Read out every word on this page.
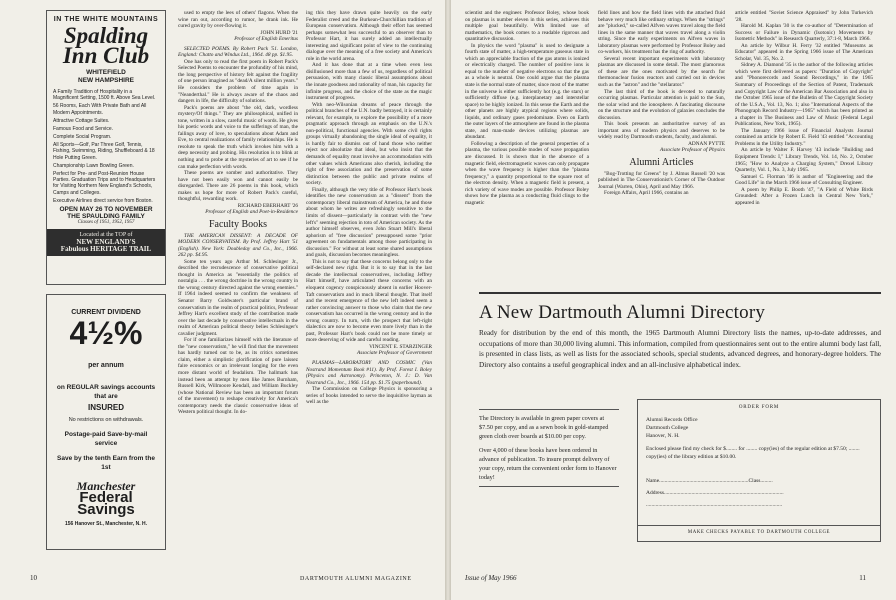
IN THE WHITE MOUNTAINS
Spalding Inn Club
WHITEFIELD
NEW HAMPSHIRE
A Family Tradition of Hospitality in a Magnificent Setting, 1500 ft. Above Sea Level.
56 Rooms, Each With Private Bath and All Modern Appointments.
Attractive Cottage Suites.
Famous Food and Service.
Complete Social Program.
All Sports—Golf, Par Three Golf, Tennis, Fishing, Swimming, Riding, Shuffleboard & 18 Hole Putting Green.
Championship Lawn Bowling Green.
Perfect for Pre- and Post-Reunion House Parties. Graduation Trips and to Headquarters for Visiting Northern New England's Schools, Camps and Colleges.
Executive Airlines direct service from Boston.
OPEN MAY 26 TO NOVEMBER
THE SPAULDING FAMILY
Classes of 1951, 1952, 1957
Located at the TOP of
NEW ENGLAND'S
Fabulous HERITAGE TRAIL
CURRENT DIVIDEND
4½% per annum
on REGULAR savings accounts that are
INSURED
No restrictions on withdrawals.
Postage-paid Save-by-mail service
Save by the tenth Earn from the 1st
Manchester
Federal Savings
156 Hanover St., Manchester, N. H.

used to empty the lees of others' flagons. When the wine ran out, according to rumor, he drank ink. He cured gravity by over-flowing it.

JOHN HURD '21

Professor of English Emeritus

SELECTED POEMS. By Robert Pack '51. London, England: Chatto and Windus Ltd., 1964. 48 pp. $1.95.

One has only to read the first poem in Robert Pack's Selected Poems to encounter the profundity of his mind, the long perspective of history felt against the fragility of one person imagined as "dead/A silent million years." He considers the problem of time again in "Neanderthal." He is always aware of the chaos and dangers in life, the difficulty of solutions.

Pack's poems are about "the old, dark, wordless mystery/Of things." They are philosophical, unified in tone, written in a slow, careful music of words. He gives his poetic words and voice to the sufferings of man, the failings away of love, to speculations about Adam and Eve, to central realizations of family relationships. He is resolute to speak the truth which invokes him with a deep necessity and probing. His resolution is to blink at nothing and to probe at the mysteries of art to see if he can make perfection with words.

These poems are somber and authoritative. They have not been easily won and cannot easily be disregarded. There are 26 poems in this book, which makes us hope for more of Robert Pack's careful, thoughtful, rewarding work.

RICHARD EBERHART '26

Professor of English and Poet-in-Residence

Faculty Books

THE AMERICAN DISSENT: A DECADE OF MODERN CONSERVATISM. By Prof. Jeffrey Hart '51 (English). New York: Doubleday and Co., Inc., 1966. 262 pp. $4.95.

Some ten years ago Arthur M. Schlesinger Jr., described the recrudescence of conservative political thought in America as "essentially the politics of nostalgia . . . the wrong doctrine in the wrong country in the wrong century directed against the wrong enemies." If 1964 indeed seemed to confirm the weakness of Senator Barry Goldwater's particular brand of conservatism in the realm of practical politics, Professor Jeffrey Hart's excellent study of the contribution made over the last decade by conservative intellectuals in the realm of American political theory belies Schlesinger's cavalier judgment.

For if one familiarizes himself with the literature of the "new conservatism," he will find that the movement has hardly turned out to be, as its critics sometimes claim, either a simplistic glorification of pure laissez faire economics or an irrelevant longing for the even more distant world of feudalism. The hallmark has instead been an attempt by men like James Burnham, Russell Kirk, Willmoore Kendall, and William Buckley (whose National Review has been an important forum of the movement) to reshape creatively for America's contemporary needs the classic conservative ideas of Western political thought. In do-

ing this they have drawn quite heavily on the early Federalist creed and the Burkean-Churchillian tradition of European conservatism. Although their effort has seemed perhaps somewhat less successful to an observer than to Professor Hart, it has surely added an intellectually interesting and significant point of view to the continuing dialogue over the meaning of a free society and America's role in the world arena.

And it has done that at a time when even less disillusioned more than a few of us, regardless of political persuasion, with many classic liberal assumptions about the innate goodness and rationality of man, his capacity for infinite progress, and the choice of the state as the magic instrument of progress.

With neo-Wilsonian dreams of peace through the political branches of the U.N. badly betrayed, it is certainly relevant, for example, to explore the possibility of a more pragmatic approach through an emphasis on the U.N.'s non-political, functional agencies. With some civil rights groups virtually abandoning the single ideal of equality, it is hardly fair to dismiss out of hand those who neither reject nor absolutize that ideal, but who insist that the demands of equality must involve an accommodation with other values which Americans also cherish, including the right of free association and the preservation of some distinction between the public and private realms of society.

Finally, although the very title of Professor Hart's book identifies the new conservatism as a "dissent" from the contemporary liberal mainstream of America, he and those about whom he writes are refreshingly sensitive to the limits of dissent—particularly in contrast with the "new left's" seeming rejection in toto of American society. As the author himself observes, even John Stuart Mill's liberal aphorism of "free discussion" presupposed some "prior agreement on fundamentals among those participating in discussion." For without at least some shared assumptions and goals, discussion becomes meaningless.

This is not to say that these concerns belong only to the self-declared new right. But it is to say that in the last decade the intellectual conservatives, including Jeffrey Hart himself, have articulated these concerns with an eloquent cogency conspicuously absent in earlier Hoover-Taft conservatism and in much liberal thought. That itself and the recent emergence of the new left indeed seem a rather convincing answer to those who claim that the new conservatism has occurred in the wrong century and in the wrong country. In turn, with the prospect that left-right dialectics are now to become even more lively than in the past, Professor Hart's book could not be more timely or more deserving of wide and careful reading.

VINCENT E. STARZINGER

Associate Professor of Government

PLASMAS—LABORATORY AND COSMIC (Van Nostrand Momentum Book #11). By Prof. Forest I. Boley (Physics and Astronomy). Princeton, N. J.: D. Van Nostrand Co., Inc., 1966. 154 pp. $1.75 (paperbound).

The Commission on College Physics is sponsoring a series of books intended to serve the inquisitive layman as well as the

10	DARTMOUTH ALUMNI MAGAZINE

scientist and the engineer. Professor Boley, whose book on plasmas is number eleven in this series, achieves this multiple goal beautifully. With limited use of mathematics, the book comes to a readable rigorous and quantitative discussion.

In physics the word "plasma" is used to designate a fourth state of matter, a high-temperature gaseous state in which an appreciable fraction of the gas atoms is ionized or electrically charged. The number of positive ions is equal to the number of negative electrons so that the gas as a whole is neutral. One could argue that the plasma state is the normal state of matter, since most of the matter in the universe is either sufficiently hot (e.g. the stars) or sufficiently diffuse (e.g. interplanetary and interstellar space) to be highly ionized. In this sense the Earth and the other planets are highly atypical regions where solids, liquids, and ordinary gases predominate. Even on Earth the outer layers of the atmosphere are found in the plasma state, and man-made devices utilizing plasmas are abundant.

Following a description of the general properties of a plasma, the various possible modes of wave propagation are discussed. It is shown that in the absence of a magnetic field, electromagnetic waves can only propagate when the wave frequency is higher than the "plasma frequency," a quantity proportional to the square root of the electron density. When a magnetic field is present, a rich variety of wave modes are possible. Professor Boley shows how the plasma as a conducting fluid clings to the magnetic

field lines and how the field lines with the attached fluid behave very much like ordinary strings. When the "strings" are "plucked," so-called Alfven waves travel along the field lines in the same manner that waves travel along a violin string. Since the early experiments on Alfven waves in laboratory plasmas were performed by Professor Boley and co-workers, his treatment has the ring of authority.

Several recent important experiments with laboratory plasmas are discussed in some detail. The most glamorous of these are the ones motivated by the search for thermonuclear fusion reactors and carried out in devices such as the "astron" and the "stellarator."

The last third of the book is devoted to naturally occurring plasmas. Particular attention is paid to the Sun, the solar wind and the ionosphere. A fascinating discourse on the structure and the evolution of galaxies concludes the discussion.

This book presents an authoritative survey of an important area of modern physics and deserves to be widely read by Dartmouth students, faculty, and alumni.

ADNAN PYTTE

Associate Professor of Physics

Alumni Articles

"Bog-Trotting for Greens" by J. Almus Russell '20 was published in The Conservationist's Corner of The Outdoor Journal (Warren, Ohio), April and May 1966.

Foreign Affairs, April 1966, contains an

article entitled "Soviet Science Appraised" by John Turkevich '28.

Harold M. Kaplan '30 is the co-author of "Determination of Success or Failure in Dynamic (Isotonic) Movements by Isometric Methods" in Research Quarterly, 37:1-8, March 1966.

An article by Wilbur H. Ferry '32 entitled "Museums as Educator" appeared in the Spring 1966 issue of The American Scholar, Vol. 35, No. 2.

Sidney A. Diamond '35 is the author of the following articles which were first delivered as papers: "Duration of Copyright" and "Phonorecords and Sound Recordings," in the 1965 Summary of Proceedings of the Section of Patent, Trademark and Copyright Law of the American Bar Association and also in the October 1965 issue of the Bulletin of The Copyright Society of the U.S.A., Vol. 13, No. 1; also "International Aspects of the Phonograph Record Industry—1965" which has been printed as a chapter in The Business and Law of Music (Federal Legal Publications, New York, 1965).

The January 1966 issue of Financial Analysts Journal contained an article by Robert E. Field '43 entitled "Accounting Problems in the Utility Industry."

An article by Walter F. Harvey '43 include "Building and Equipment Trends: I," Library Trends, Vol. 14, No. 2, October 1965; "How to Analyze a Charging System," Drexel Library Quarterly, Vol. 1, No. 3, July 1965.

Samuel C. Florman '46 is author of "Engineering and the Good Life" in the March 1966 issue of Consulting Engineer.

A poem by Philip E. Booth '47, "A Field of White Birds Grounded: After a Frozen Lunch in Central New York," appeared in

A New Dartmouth Alumni Directory
Ready for distribution by the end of this month, the 1965 Dartmouth Alumni Directory lists the names, up-to-date addresses, and occupations of more than 30,000 living alumni. This information, compiled from questionnaires sent out to the entire alumni body last fall, is presented in class lists, as well as lists for the associated schools, special students, advanced degrees, and honorary-degree holders. The Directory also contains a useful geographical index and an all-inclusive alphabetical index.

The Directory is available in green paper covers at $7.50 per copy, and as a sewn book in gold-stamped green cloth over boards at $10.00 per copy.

Over 4,000 of these books have been ordered in advance of publication. To insure prompt delivery of your copy, return the convenient order form to Hanover today!

ORDER FORM
Alumni Records Office
Dartmouth College
Hanover, N. H.
Enclosed please find my check for $........ for ........ copy(ies) of the regular edition at $7.50; ........ copy(ies) of the library edition at $10.00.
Name.................................................................Class.........
Address.......................................................................................
...................................................................................................
MAKE CHECKS PAYABLE TO DARTMOUTH COLLEGE
Issue of May 1966	11
